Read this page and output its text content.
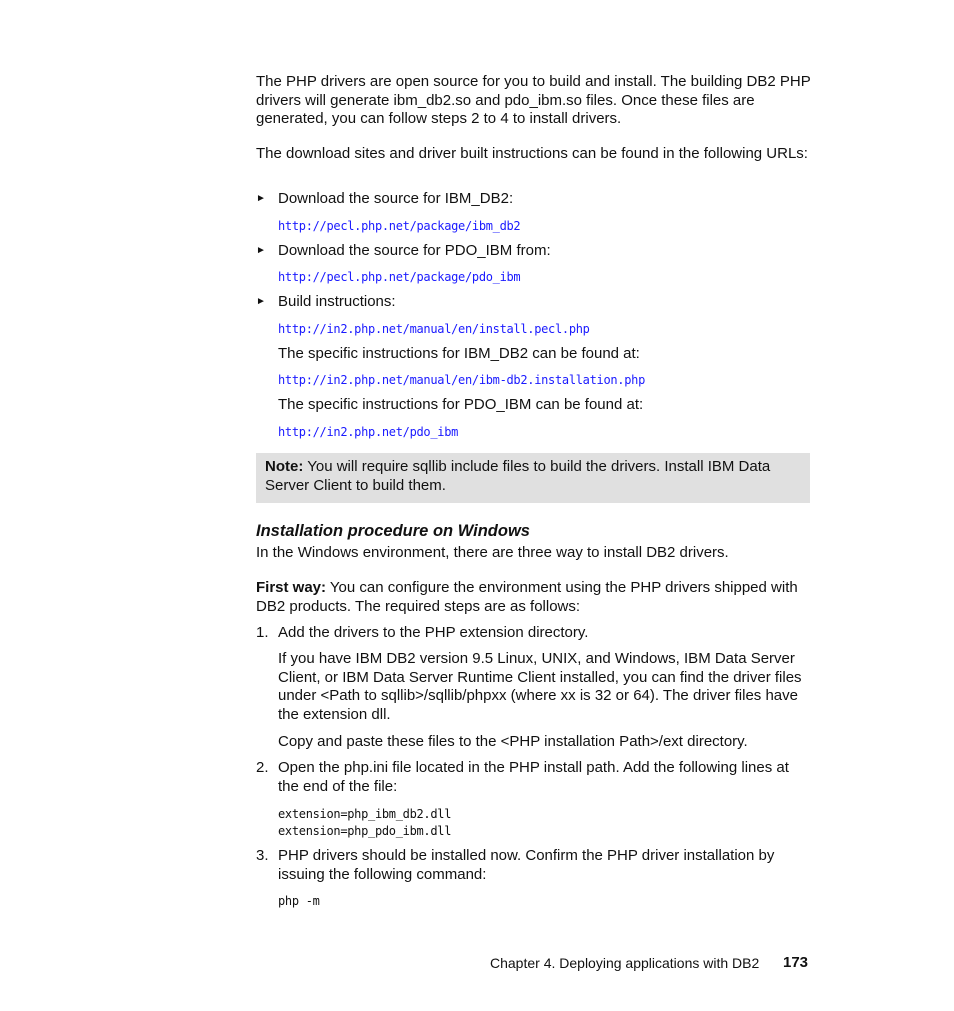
The PHP drivers are open source for you to build and install. The building DB2 PHP drivers will generate ibm_db2.so and pdo_ibm.so files. Once these files are generated, you can follow steps 2 to 4 to install drivers.

The download sites and driver built instructions can be found in the following URLs:

► Download the source for IBM_DB2:
http://pecl.php.net/package/ibm_db2
► Download the source for PDO_IBM from:
http://pecl.php.net/package/pdo_ibm
► Build instructions:
http://in2.php.net/manual/en/install.pecl.php

The specific instructions for IBM_DB2 can be found at:

http://in2.php.net/manual/en/ibm-db2.installation.php

The specific instructions for PDO_IBM can be found at:

http://in2.php.net/pdo_ibm

Note: You will require sqllib include files to build the drivers. Install IBM Data Server Client to build them.

Installation procedure on Windows

In the Windows environment, there are three way to install DB2 drivers.

First way: You can configure the environment using the PHP drivers shipped with DB2 products. The required steps are as follows:

1. Add the drivers to the PHP extension directory.

If you have IBM DB2 version 9.5 Linux, UNIX, and Windows, IBM Data Server Client, or IBM Data Server Runtime Client installed, you can find the driver files under <Path to sqllib>/sqllib/phpxx (where xx is 32 or 64). The driver files have the extension dll.

Copy and paste these files to the <PHP installation Path>/ext directory.

2. Open the php.ini file located in the PHP install path. Add the following lines at the end of the file:

extension=php_ibm_db2.dll
extension=php_pdo_ibm.dll
3. PHP drivers should be installed now. Confirm the PHP driver installation by issuing the following command:

php -m
Chapter 4. Deploying applications with DB2 173
